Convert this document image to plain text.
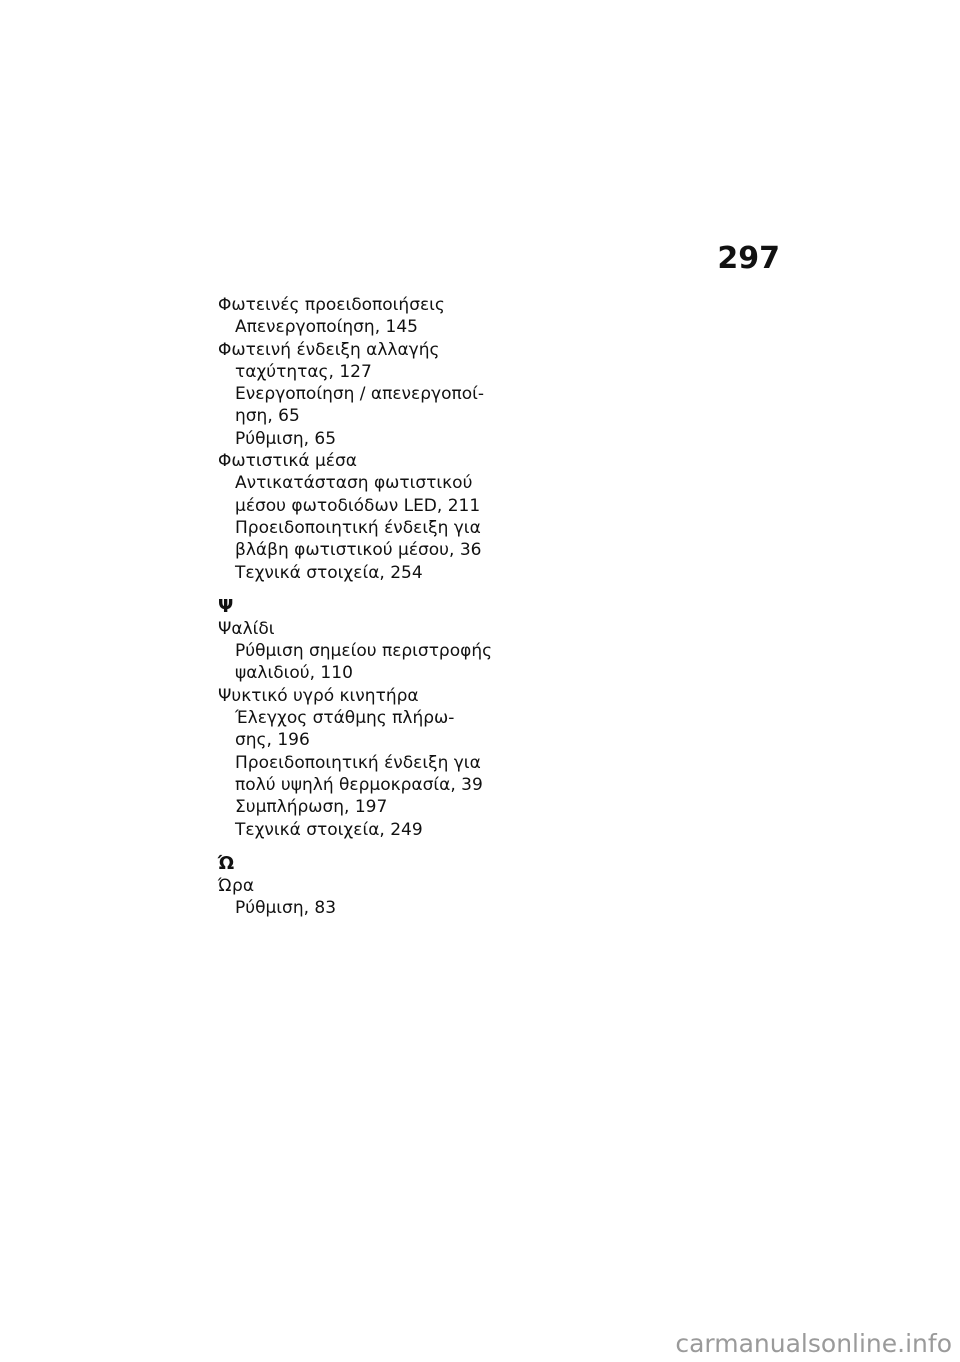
297
Φωτεινές προειδοποιήσεις
Απενεργοποίηση, 145
Φωτεινή ένδειξη αλλαγής
ταχύτητας, 127
Ενεργοποίηση / απενεργοποί-
ηση, 65
Ρύθμιση, 65
Φωτιστικά μέσα
Αντικατάσταση φωτιστικού
μέσου φωτοδιόδων LED, 211
Προειδοποιητική ένδειξη για
βλάβη φωτιστικού μέσου, 36
Τεχνικά στοιχεία, 254
Ψ
Ψαλίδι
Ρύθμιση σημείου περιστροφής
ψαλιδιού, 110
Ψυκτικό υγρό κινητήρα
Έλεγχος στάθμης πλήρω-
σης, 196
Προειδοποιητική ένδειξη για
πολύ υψηλή θερμοκρασία, 39
Συμπλήρωση, 197
Τεχνικά στοιχεία, 249
Ώ
Ώρα
Ρύθμιση, 83
carmanualsonline.info
